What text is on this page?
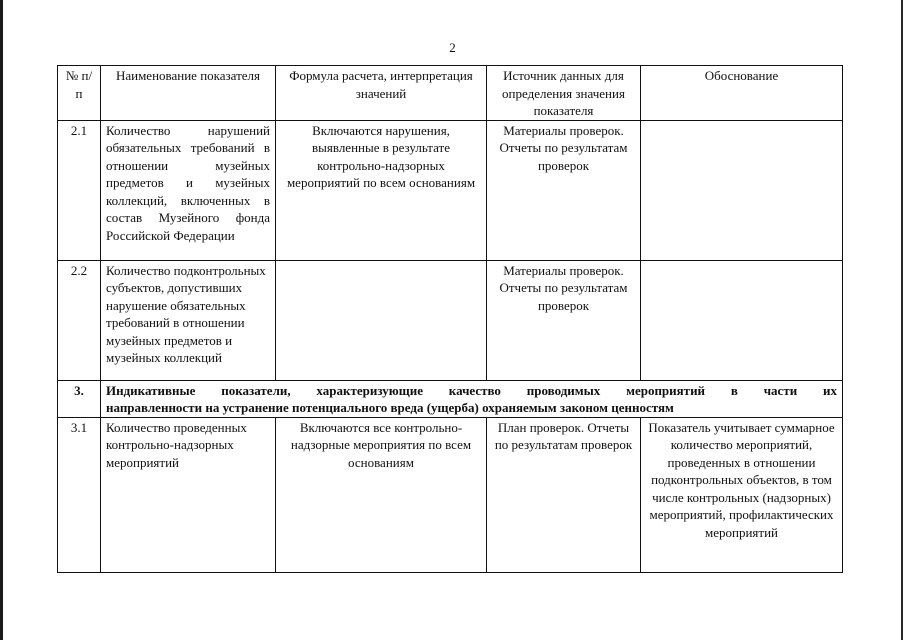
2
№ п/п	Наименование показателя	Формула расчета, интерпретация значений	Источник данных для определения значения показателя	Обоснование
2.1	Количество нарушений обязательных требований в отношении музейных предметов и музейных коллекций, включенных в состав Музейного фонда Российской Федерации	Включаются нарушения, выявленные в результате контрольно-надзорных мероприятий по всем основаниям	Материалы проверок. Отчеты по результатам проверок	
2.2	Количество подконтрольных субъектов, допустивших нарушение обязательных требований в отношении музейных предметов и музейных коллекций		Материалы проверок. Отчеты по результатам проверок	
3.	Индикативные показатели, характеризующие качество проводимых мероприятий в части их
направленности на устранение потенциального вреда (ущерба) охраняемым законом ценностям			

3.1	Количество проведенных контрольно-надзорных мероприятий	Включаются все контрольно-надзорные мероприятия по всем основаниям	План проверок. Отчеты по результатам проверок	Показатель учитывает суммарное количество мероприятий, проведенных в отношении подконтрольных объектов, в том числе контрольных (надзорных) мероприятий, профилактических мероприятий
